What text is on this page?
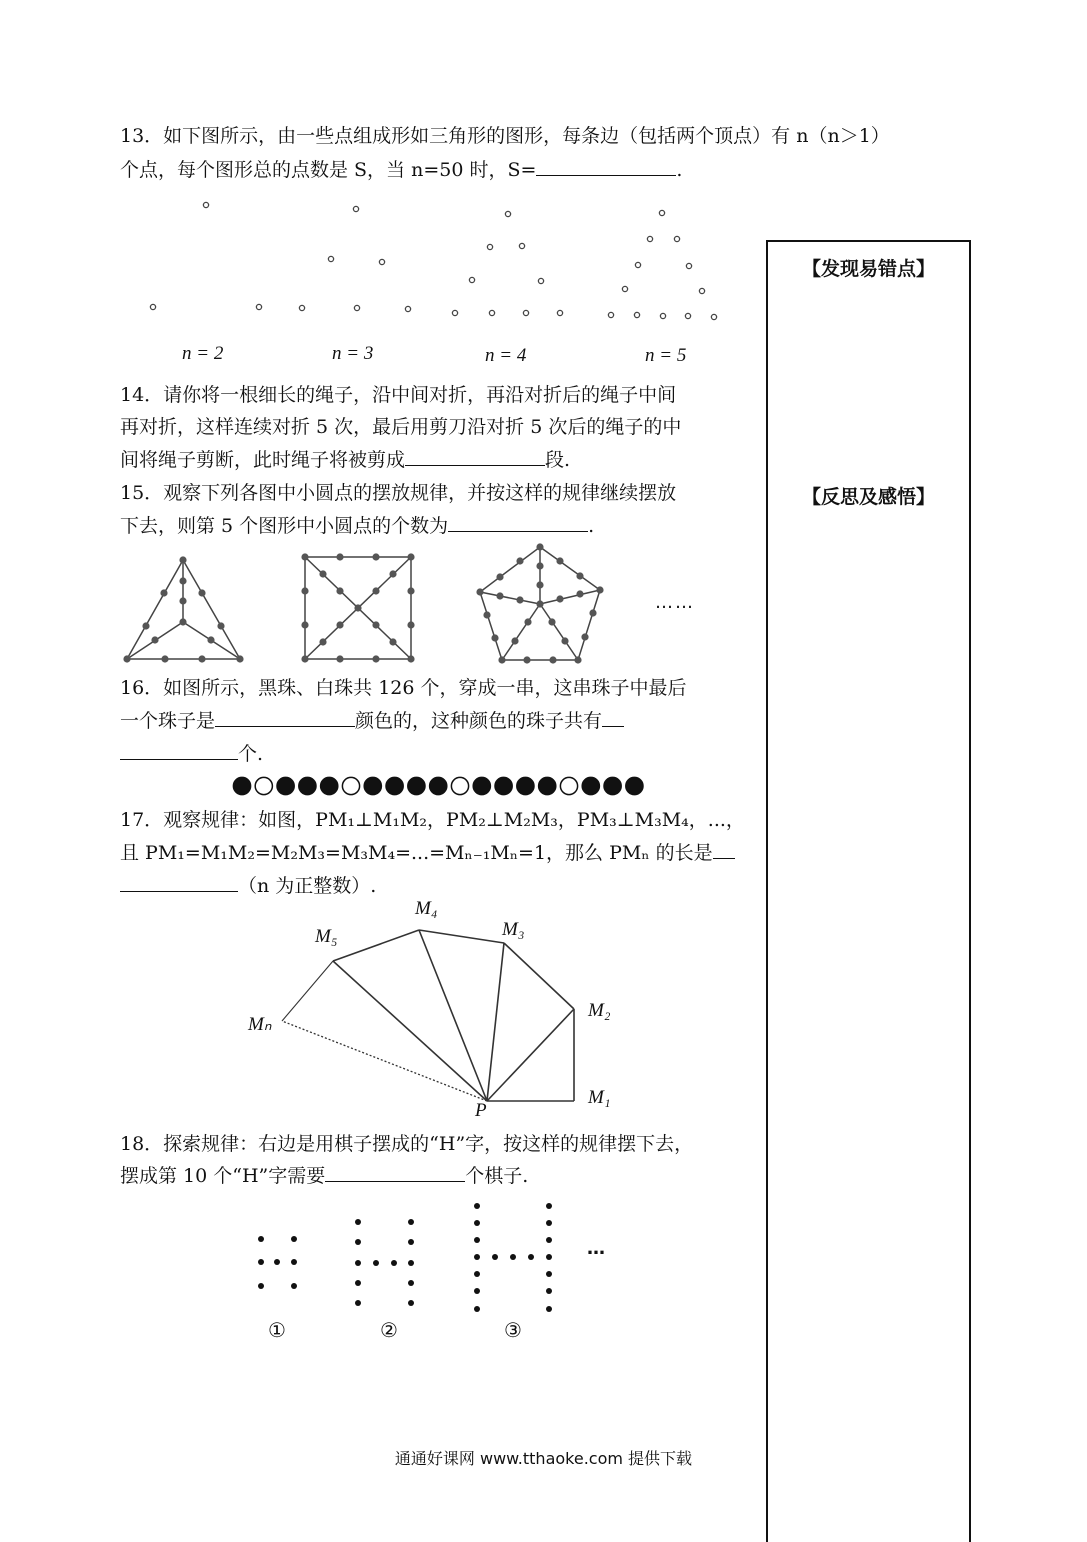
13．如下图所示，由一些点组成形如三角形的图形，每条边（包括两个顶点）有 n（n＞1）
个点，每个图形总的点数是 S，当 n=50 时，S=	.
n = 2	n = 3	n = 4	n = 5
【发现易错点】
【反思及感悟】
14．请你将一根细长的绳子，沿中间对折，再沿对折后的绳子中间
再对折，这样连续对折 5 次，最后用剪刀沿对折 5 次后的绳子的中
间将绳子剪断，此时绳子将被剪成	段.
15．观察下列各图中小圆点的摆放规律，并按这样的规律继续摆放
下去，则第 5 个图形中小圆点的个数为	.
……
16．如图所示，黑珠、白珠共 126 个，穿成一串，这串珠子中最后
一个珠子是	颜色的，这种颜色的珠子共有
个.
17．观察规律：如图，PM₁⊥M₁M₂，PM₂⊥M₂M₃，PM₃⊥M₃M₄，...，
且 PM₁=M₁M₂=M₂M₃=M₃M₄=...=Mₙ₋₁Mₙ=1，那么 PMₙ 的长是
（n 为正整数）.
M₄
M₃
M₅
M₂
Mₙ
M₁
P
18．探索规律：右边是用棋子摆成的“H”字，按这样的规律摆下去，
摆成第 10 个“H”字需要	个棋子.
…
①	②	③
通通好课网 www.tthaoke.com 提供下载
